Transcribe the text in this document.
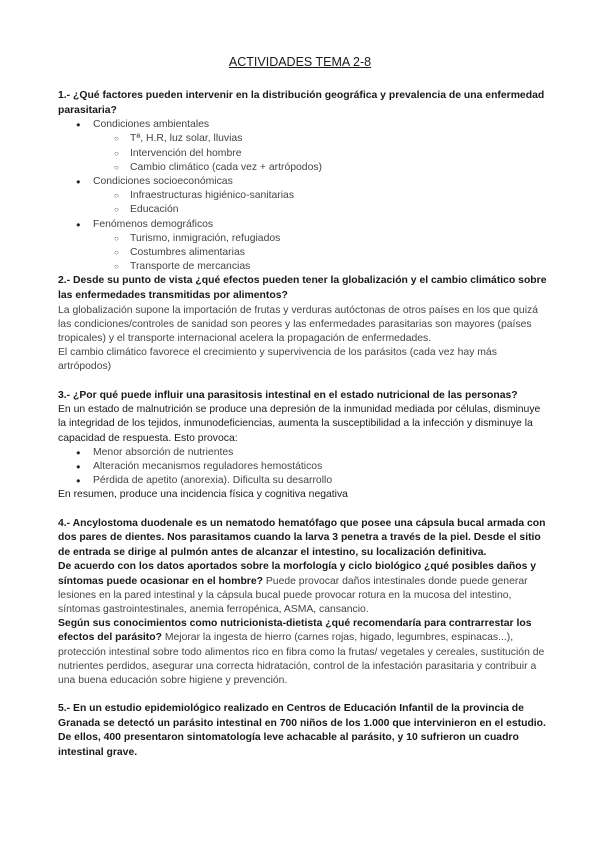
ACTIVIDADES TEMA 2-8

1.- ¿Qué factores pueden intervenir en la distribución geográfica y prevalencia de una enfermedad parasitaria?

● Condiciones ambientales
○ Tª, H.R, luz solar, lluvias
○ Intervención del hombre
○ Cambio climático (cada vez + artrópodos)
● Condiciones socioeconómicas
○ Infraestructuras higiénico-sanitarias
○ Educación
● Fenómenos demográficos
○ Turismo, inmigración, refugiados
○ Costumbres alimentarias
○ Transporte de mercancias

2.- Desde su punto de vista ¿qué efectos pueden tener la globalización y el cambio climático sobre las enfermedades transmitidas por alimentos?

La globalización supone la importación de frutas y verduras autóctonas de otros países en los que quizá las condiciones/controles de sanidad son peores y las enfermedades parasitarias son mayores (países tropicales) y el transporte internacional acelera la propagación de enfermedades.

El cambio climático favorece el crecimiento y supervivencia de los parásitos (cada vez hay más artrópodos)

3.- ¿Por qué puede influir una parasitosis intestinal en el estado nutricional de las personas?

En un estado de malnutrición se produce una depresión de la inmunidad mediada por células, disminuye la integridad de los tejidos, inmunodeficiencias, aumenta la susceptibilidad a la infección y disminuye la capacidad de respuesta. Esto provoca:

● Menor absorción de nutrientes
● Alteración mecanismos reguladores hemostáticos
● Pérdida de apetito (anorexia). Dificulta su desarrollo

En resumen, produce una incidencia física y cognitiva negativa

4.- Ancylostoma duodenale es un nematodo hematófago que posee una cápsula bucal armada con dos pares de dientes. Nos parasitamos cuando la larva 3 penetra a través de la piel. Desde el sitio de entrada se dirige al pulmón antes de alcanzar el intestino, su localización definitiva.

De acuerdo con los datos aportados sobre la morfología y ciclo biológico ¿qué posibles daños y síntomas puede ocasionar en el hombre? Puede provocar daños intestinales donde puede generar lesiones en la pared intestinal y la cápsula bucal puede provocar rotura en la mucosa del intestino, síntomas gastrointestinales, anemia ferropénica, ASMA, cansancio.

Según sus conocimientos como nutricionista-dietista ¿qué recomendaría para contrarrestar los efectos del parásito? Mejorar la ingesta de hierro (carnes rojas, higado, legumbres, espinacas...), protección intestinal sobre todo alimentos rico en fibra como la frutas/ vegetales y cereales, sustitución de nutrientes perdidos, asegurar una correcta hidratación, control de la infestación parasitaria y contribuir a una buena educación sobre higiene y prevención.

5.- En un estudio epidemiológico realizado en Centros de Educación Infantil de la provincia de Granada se detectó un parásito intestinal en 700 niños de los 1.000 que intervinieron en el estudio. De ellos, 400 presentaron sintomatología leve achacable al parásito, y 10 sufrieron un cuadro intestinal grave.
